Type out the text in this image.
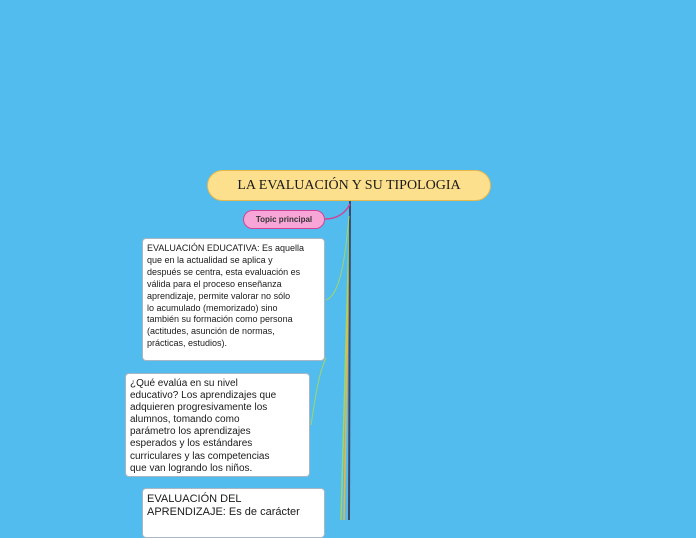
LA EVALUACIÓN Y SU TIPOLOGIA
Topic principal
EVALUACIÓN EDUCATIVA: Es aquella
que en la actualidad se aplica y
después se centra, esta evaluación es
válida para el proceso enseñanza
aprendizaje, permite valorar no sólo
lo acumulado (memorizado) sino
también su formación como persona
(actitudes, asunción de normas,
prácticas, estudios).
¿Qué evalúa en su nivel
educativo? Los aprendizajes que
adquieren progresivamente los
alumnos, tomando como
parámetro los aprendizajes
esperados y los estándares
curriculares y las competencias
que van logrando los niños.
EVALUACIÓN DEL
APRENDIZAJE: Es de carácter
